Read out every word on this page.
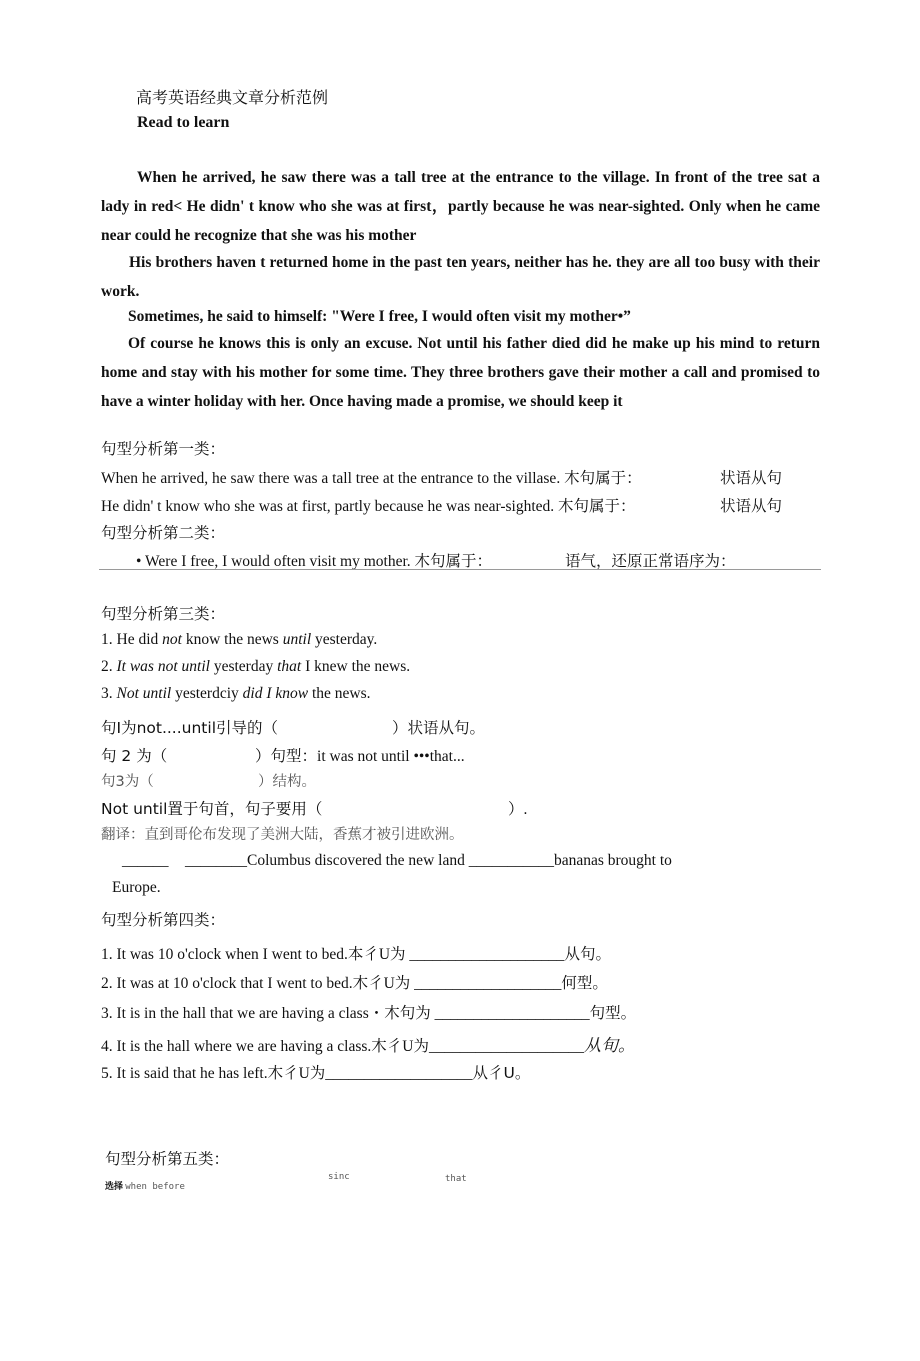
高考英语经典文章分析范例
Read to learn
When he arrived, he saw there was a tall tree at the entrance to the village. In front of the tree sat a lady in red< He didn' t know who she was at first，partly because he was near-sighted. Only when he came near could he recognize that she was his mother
His brothers haven t returned home in the past ten years, neither has he. they are all too busy with their work.
Sometimes, he said to himself: "Were I free, I would often visit my mother•”
Of course he knows this is only an excuse. Not until his father died did he make up his mind to return home and stay with his mother for some time. They three brothers gave their mother a call and promised to have a winter holiday with her. Once having made a promise, we should keep it
句型分析第一类：
When he arrived, he saw there was a tall tree at the entrance to the villase. 木句属于：	状语从句
He didn' t know who she was at first, partly because he was near-sighted. 木句属于：	状语从句
句型分析第二类：
• Were I free, I would often visit my mother. 木句属于：	语气，还原正常语序为：
句型分析第三类：
1. He did not know the news until yesterday.
2. It was not until yesterday that I knew the news.
3. Not until yesterdciy did I know the news.
句I为not....until引导的（	）状语从句。
句 2 为（	）句型：it was not until •••that...
句3为（	）结构。
Not until置于句首，句子要用（	）.
翻译：直到哥伦布发现了美洲大陆，香蕉才被引进欧洲。
______ ________Columbus discovered the new land ___________bananas brought to
Europe.
句型分析第四类：
1. It was 10 o'clock when I went to bed.本彳U为 ____________________从句。
2. It was at 10 o'clock that I went to bed.木彳U为 ___________________何型。
3. It is in the hall that we are having a class・木句为 ____________________句型。
4. It is the hall where we are having a class.木彳U为____________________从旬。
5. It is said that he has left.木彳U为___________________从彳U。
句型分析第五类：
选择 when before
sinc	that
